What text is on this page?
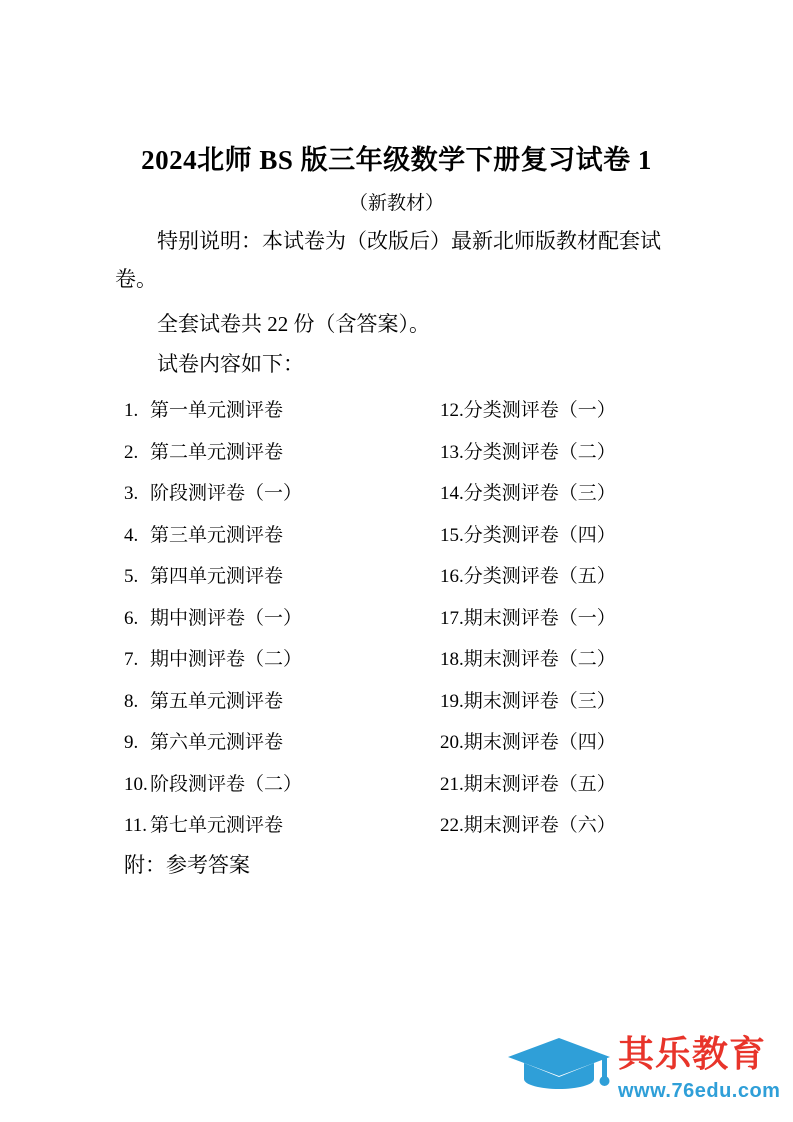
2024北师 BS 版三年级数学下册复习试卷 1
（新教材）
特别说明：本试卷为（改版后）最新北师版教材配套试卷。
全套试卷共 22 份（含答案）。
试卷内容如下：
1. 第一单元测评卷
2. 第二单元测评卷
3. 阶段测评卷（一）
4. 第三单元测评卷
5. 第四单元测评卷
6. 期中测评卷（一）
7. 期中测评卷（二）
8. 第五单元测评卷
9. 第六单元测评卷
10. 阶段测评卷（二）
11. 第七单元测评卷
12.分类测评卷（一）
13.分类测评卷（二）
14.分类测评卷（三）
15.分类测评卷（四）
16.分类测评卷（五）
17.期末测评卷（一）
18.期末测评卷（二）
19.期末测评卷（三）
20.期末测评卷（四）
21.期末测评卷（五）
22.期末测评卷（六）
附：参考答案
其乐教育
www.76edu.com
